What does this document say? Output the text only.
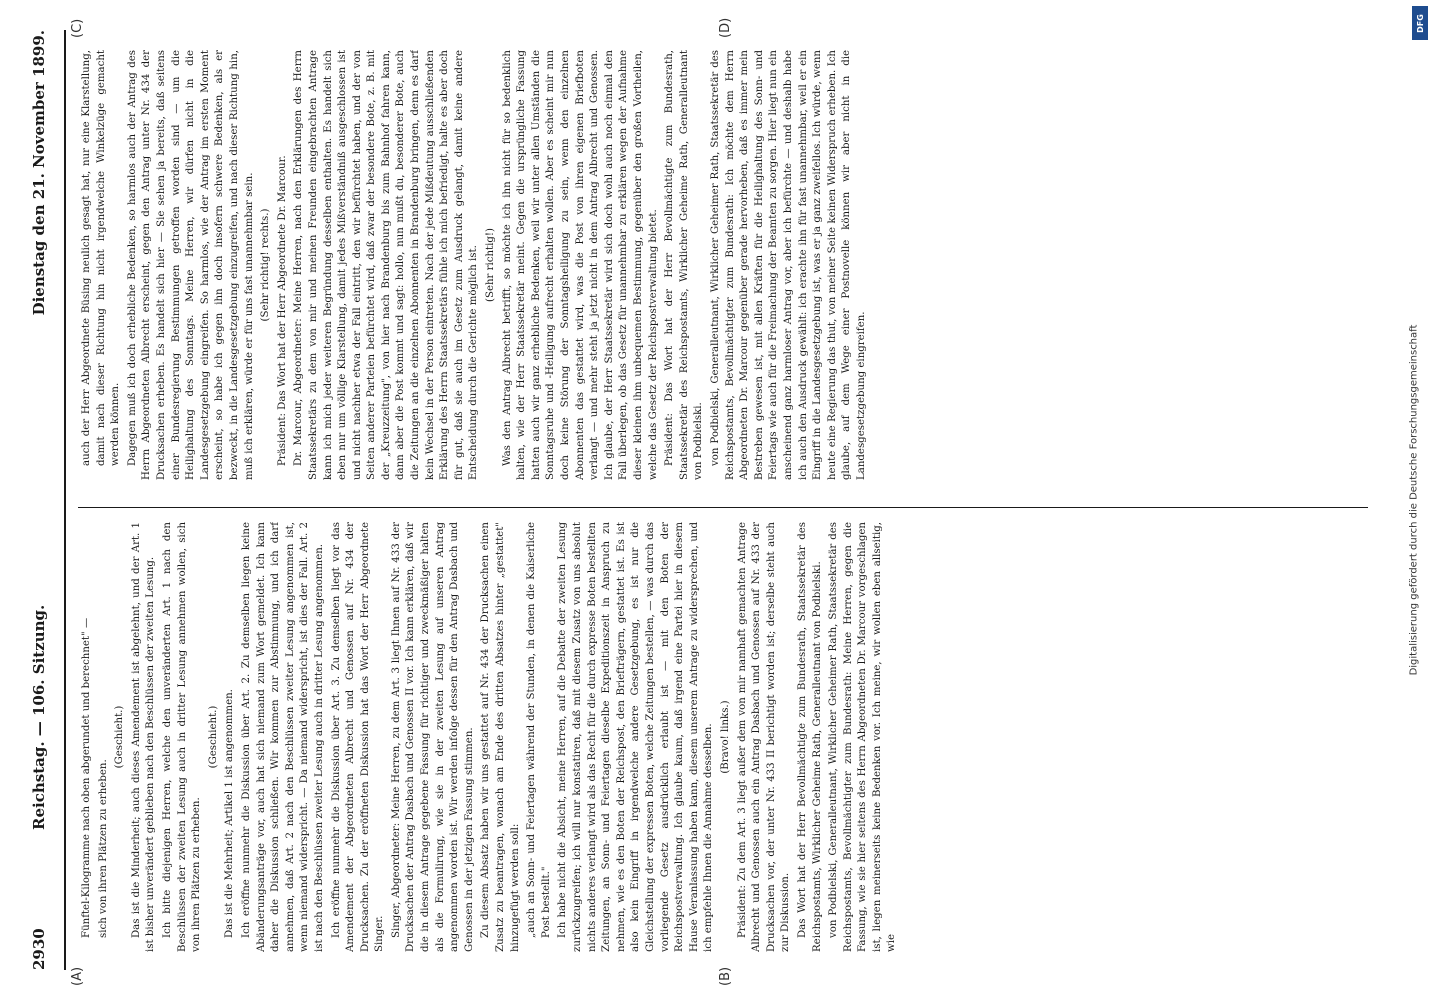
2930
Reichstag. — 106. Sitzung.
Dienstag den 21. November 1899.
(A)	(B)
(C)	(D)

Fünftel-Kilogramme nach oben abgerundet und berechnet" — sich von ihren Plätzen zu erheben.

(Geschieht.) Das ist die Minderheit; auch dieses Amendement ist abgelehnt, und der Art. 1 ist bisher unverändert geblieben nach den Beschlüssen der zweiten Lesung. Ich bitte diejenigen Herren, welche den unveränderten Art. 1 nach den Beschlüssen der zweiten Lesung auch in dritter Lesung annehmen wollen, sich von ihren Plätzen zu erheben.

(Geschieht.) Das ist die Mehrheit; Artikel 1 ist angenommen. Ich eröffne nunmehr die Diskussion über Art. 2. Zu demselben liegen keine Abänderungsanträge vor, auch hat sich niemand zum Wort gemeldet. Ich kann daher die Diskussion schließen. Wir kommen zur Abstimmung, und ich darf annehmen, daß Art. 2 nach den Beschlüssen zweiter Lesung angenommen ist, wenn niemand widerspricht. — Da niemand widerspricht, ist dies der Fall. Art. 2 ist nach den Beschlüssen zweiter Lesung auch in dritter Lesung angenommen. Ich eröffne nunmehr die Diskussion über Art. 3. Zu demselben liegt vor das Amendement der Abgeordneten Albrecht und Genossen auf Nr. 434 der Drucksachen. Zu der eröffneten Diskussion hat das Wort der Herr Abgeordnete Singer. Singer, Abgeordneter: Meine Herren, zu dem Art. 3 liegt Ihnen auf Nr. 433 der Drucksachen der Antrag Dasbach und Genossen II vor. Ich kann erklären, daß wir die in diesem Antrage gegebene Fassung für richtiger und zweckmäßiger halten als die Formulirung, wie sie in der zweiten Lesung auf unseren Antrag angenommen worden ist. Wir werden infolge dessen für den Antrag Dasbach und Genossen in der jetzigen Fassung stimmen. Zu diesem Absatz haben wir uns gestattet auf Nr. 434 der Drucksachen einen Zusatz zu beantragen, wonach am Ende des dritten Absatzes hinter „gestattet" hinzugefügt werden soll: „auch an Sonn- und Feiertagen während der Stunden, in denen die Kaiserliche Post bestellt." Ich habe nicht die Absicht, meine Herren, auf die Debatte der zweiten Lesung zurückzugreifen; ich will nur konstatiren, daß mit diesem Zusatz von uns absolut nichts anderes verlangt wird als das Recht für die durch expresse Boten bestellten Zeitungen, an Sonn- und Feiertagen dieselbe Expeditionszeit in Anspruch zu nehmen, wie es den Boten der Reichspost, den Briefträgern, gestattet ist. Es ist also kein Eingriff in irgendwelche andere Gesetzgebung, es ist nur die Gleichstellung der expressen Boten, welche Zeitungen bestellen, — was durch das vorliegende Gesetz ausdrücklich erlaubt ist — mit den Boten der Reichspostverwaltung. Ich glaube kaum, daß irgend eine Partei hier in diesem Hause Veranlassung haben kann, diesem unserem Antrage zu widersprechen, und ich empfehle Ihnen die Annahme desselben. (Bravo! links.) Präsident: Zu dem Art. 3 liegt außer dem von mir namhaft gemachten Antrage Albrecht und Genossen auch ein Antrag Dasbach und Genossen auf Nr. 433 der Drucksachen vor, der unter Nr. 433 II berichtigt worden ist; derselbe steht auch zur Diskussion. Das Wort hat der Herr Bevollmächtigte zum Bundesrath, Staatssekretär des Reichspostamts, Wirklicher Geheime Rath, Generalleutnant von Podbielski. von Podbielski, Generalleutnant, Wirklicher Geheimer Rath, Staatssekretär des Reichspostamts, Bevollmächtigter zum Bundesrath: Meine Herren, gegen die Fassung, wie sie hier seitens des Herrn Abgeordneten Dr. Marcour vorgeschlagen ist, liegen meinerseits keine Bedenken vor. Ich meine, wir wollen eben allseitig, wie

auch der Herr Abgeordnete Büsing neulich gesagt hat, nur eine Klarstellung, damit nach dieser Richtung hin nicht irgendwelche Winkelzüge gemacht werden können. Dagegen muß ich doch erhebliche Bedenken, so harmlos auch der Antrag des Herrn Abgeordneten Albrecht erscheint, gegen den Antrag unter Nr. 434 der Drucksachen erheben. Es handelt sich hier — Sie sehen ja bereits, daß seitens einer Bundesregierung Bestimmungen getroffen worden sind — um die Heilighaltung des Sonntags. Meine Herren, wir dürfen nicht in die Landesgesetzgebung eingreifen. So harmlos, wie der Antrag im ersten Moment erscheint, so habe ich gegen ihn doch insofern schwere Bedenken, als er bezweckt, in die Landesgesetzgebung einzugreifen, und nach dieser Richtung hin, muß ich erklären, würde er für uns fast unannehmbar sein. (Sehr richtig! rechts.) Präsident: Das Wort hat der Herr Abgeordnete Dr. Marcour. Dr. Marcour, Abgeordneter: Meine Herren, nach den Erklärungen des Herrn Staatssekretärs zu dem von mir und meinen Freunden eingebrachten Antrage kann ich mich jeder weiteren Begründung desselben enthalten. Es handelt sich eben nur um völlige Klarstellung, damit jedes Mißverständniß ausgeschlossen ist und nicht nachher etwa der Fall eintritt, den wir befürchtet haben, und der von Seiten anderer Parteien befürchtet wird, daß zwar der besondere Bote, z. B. mit der „Kreuzzeitung", von hier nach Brandenburg bis zum Bahnhof fahren kann, dann aber die Post kommt und sagt: hollo, nun mußt du, besonderer Bote, auch die Zeitungen an die einzelnen Abonnenten in Brandenburg bringen, denn es darf kein Wechsel in der Person eintreten. Nach der jede Mißdeutung ausschließenden Erklärung des Herrn Staatssekretärs fühle ich mich befriedigt, halte es aber doch für gut, daß sie auch im Gesetz zum Ausdruck gelangt, damit keine andere Entscheidung durch die Gerichte möglich ist. (Sehr richtig!) Was den Antrag Albrecht betrifft, so möchte ich ihn nicht für so bedenklich halten, wie der Herr Staatssekretär meint. Gegen die ursprüngliche Fassung hatten auch wir ganz erhebliche Bedenken, weil wir unter allen Umständen die Sonntagsruhe und -Heiligung aufrecht erhalten wollen. Aber es scheint mir nun doch keine Störung der Sonntagsheiligung zu sein, wenn den einzelnen Abonnenten das gestattet wird, was die Post von ihren eigenen Briefboten verlangt — und mehr steht ja jetzt nicht in dem Antrag Albrecht und Genossen. Ich glaube, der Herr Staatssekretär wird sich doch wohl auch noch einmal den Fall überlegen, ob das Gesetz für unannehmbar zu erklären wegen der Aufnahme dieser kleinen ihm unbequemen Bestimmung, gegenüber den großen Vortheilen, welche das Gesetz der Reichspostverwaltung bietet. Präsident: Das Wort hat der Herr Bevollmächtigte zum Bundesrath, Staatssekretär des Reichspostamts, Wirklicher Geheime Rath, Generalleutnant von Podbielski. von Podbielski, Generalleutnant, Wirklicher Geheimer Rath, Staatssekretär des Reichspostamts, Bevollmächtigter zum Bundesrath: Ich möchte dem Herrn Abgeordneten Dr. Marcour gegenüber gerade hervorheben, daß es immer mein Bestreben gewesen ist, mit allen Kräften für die Heilighaltung des Sonn- und Feiertags wie auch für die Freimachung der Beamten zu sorgen. Hier liegt nun ein anscheinend ganz harmloser Antrag vor, aber ich befürchte — und deshalb habe ich auch den Ausdruck gewählt: ich erachte ihn für fast unannehmbar, weil er ein Eingriff in die Landesgesetzgebung ist, was er ja ganz zweifellos. Ich würde, wenn heute eine Regierung das thut, von meiner Seite keinen Widerspruch erheben. Ich glaube, auf dem Wege einer Postnovelle können wir aber nicht in die Landesgesetzgebung eingreifen.	Digitalisierung gefördert durch die Deutsche Forschungsgemeinschaft
DFG
